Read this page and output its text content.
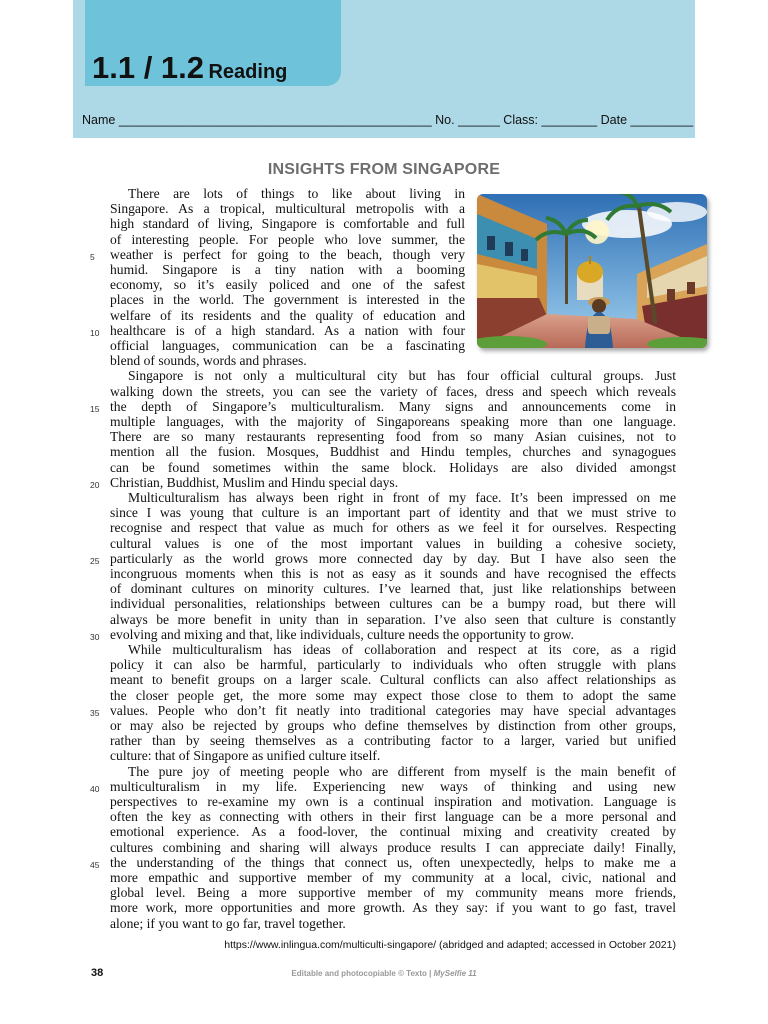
1.1 / 1.2 Reading
Name _____________________________________________ No. ______ Class: ________ Date _________
INSIGHTS FROM SINGAPORE
5
10
15
20
25
30
35
40
45
There are lots of things to like about living in
Singapore. As a tropical, multicultural metropolis with a
high standard of living, Singapore is comfortable and full
of interesting people. For people who love summer, the
weather is perfect for going to the beach, though very
humid. Singapore is a tiny nation with a booming
economy, so it’s easily policed and one of the safest
places in the world. The government is interested in the
welfare of its residents and the quality of education and
healthcare is of a high standard. As a nation with four
official languages, communication can be a fascinating
blend of sounds, words and phrases.
Singapore is not only a multicultural city but has four official cultural groups. Just
walking down the streets, you can see the variety of faces, dress and speech which reveals
the depth of Singapore’s multiculturalism. Many signs and announcements come in
multiple languages, with the majority of Singaporeans speaking more than one language.
There are so many restaurants representing food from so many Asian cuisines, not to
mention all the fusion. Mosques, Buddhist and Hindu temples, churches and synagogues
can be found sometimes within the same block. Holidays are also divided amongst
Christian, Buddhist, Muslim and Hindu special days.
Multiculturalism has always been right in front of my face. It’s been impressed on me
since I was young that culture is an important part of identity and that we must strive to
recognise and respect that value as much for others as we feel it for ourselves. Respecting
cultural values is one of the most important values in building a cohesive society,
particularly as the world grows more connected day by day. But I have also seen the
incongruous moments when this is not as easy as it sounds and have recognised the effects
of dominant cultures on minority cultures. I’ve learned that, just like relationships between
individual personalities, relationships between cultures can be a bumpy road, but there will
always be more benefit in unity than in separation. I’ve also seen that culture is constantly
evolving and mixing and that, like individuals, culture needs the opportunity to grow.
While multiculturalism has ideas of collaboration and respect at its core, as a rigid
policy it can also be harmful, particularly to individuals who often struggle with plans
meant to benefit groups on a larger scale. Cultural conflicts can also affect relationships as
the closer people get, the more some may expect those close to them to adopt the same
values. People who don’t fit neatly into traditional categories may have special advantages
or may also be rejected by groups who define themselves by distinction from other groups,
rather than by seeing themselves as a contributing factor to a larger, varied but unified
culture: that of Singapore as unified culture itself.
The pure joy of meeting people who are different from myself is the main benefit of
multiculturalism in my life. Experiencing new ways of thinking and using new
perspectives to re-examine my own is a continual inspiration and motivation. Language is
often the key as connecting with others in their first language can be a more personal and
emotional experience. As a food-lover, the continual mixing and creativity created by
cultures combining and sharing will always produce results I can appreciate daily! Finally,
the understanding of the things that connect us, often unexpectedly, helps to make me a
more empathic and supportive member of my community at a local, civic, national and
global level. Being a more supportive member of my community means more friends,
more work, more opportunities and more growth. As they say: if you want to go fast, travel
alone; if you want to go far, travel together.
https://www.inlingua.com/multiculti-singapore/ (abridged and adapted; accessed in October 2021)
38	Editable and photocopiable © Texto | MySelfie 11
